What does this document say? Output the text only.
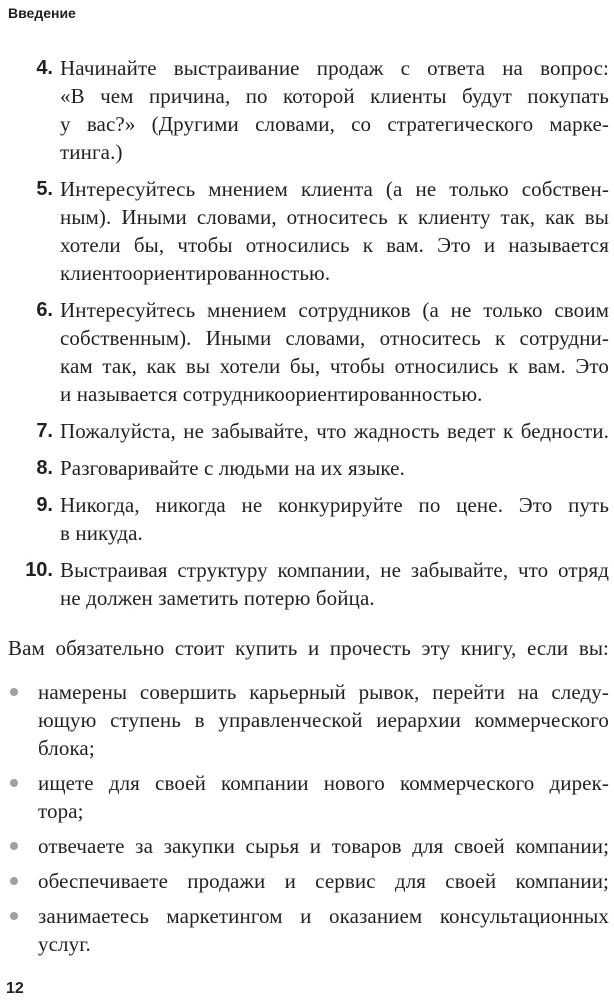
Введение
4. Начинайте выстраивание продаж с ответа на вопрос:
«В чем причина, по которой клиенты будут покупать
у вас?» (Другими словами, со стратегического марке-
тинга.)
5. Интересуйтесь мнением клиента (а не только собствен-
ным). Иными словами, относитесь к клиенту так, как вы
хотели бы, чтобы относились к вам. Это и называется
клиентоориентированностью.
6. Интересуйтесь мнением сотрудников (а не только своим
собственным). Иными словами, относитесь к сотрудни-
кам так, как вы хотели бы, чтобы относились к вам. Это
и называется сотрудникоориентированностью.
7. Пожалуйста, не забывайте, что жадность ведет к бедности.
8. Разговаривайте с людьми на их языке.
9. Никогда, никогда не конкурируйте по цене. Это путь
в никуда.
10. Выстраивая структуру компании, не забывайте, что отряд
не должен заметить потерю бойца.
Вам обязательно стоит купить и прочесть эту книгу, если вы:
намерены совершить карьерный рывок, перейти на следу-
ющую ступень в управленческой иерархии коммерческого
блока;
ищете для своей компании нового коммерческого дирек-
тора;
отвечаете за закупки сырья и товаров для своей компании;
обеспечиваете продажи и сервис для своей компании;
занимаетесь маркетингом и оказанием консультационных
услуг.
12
